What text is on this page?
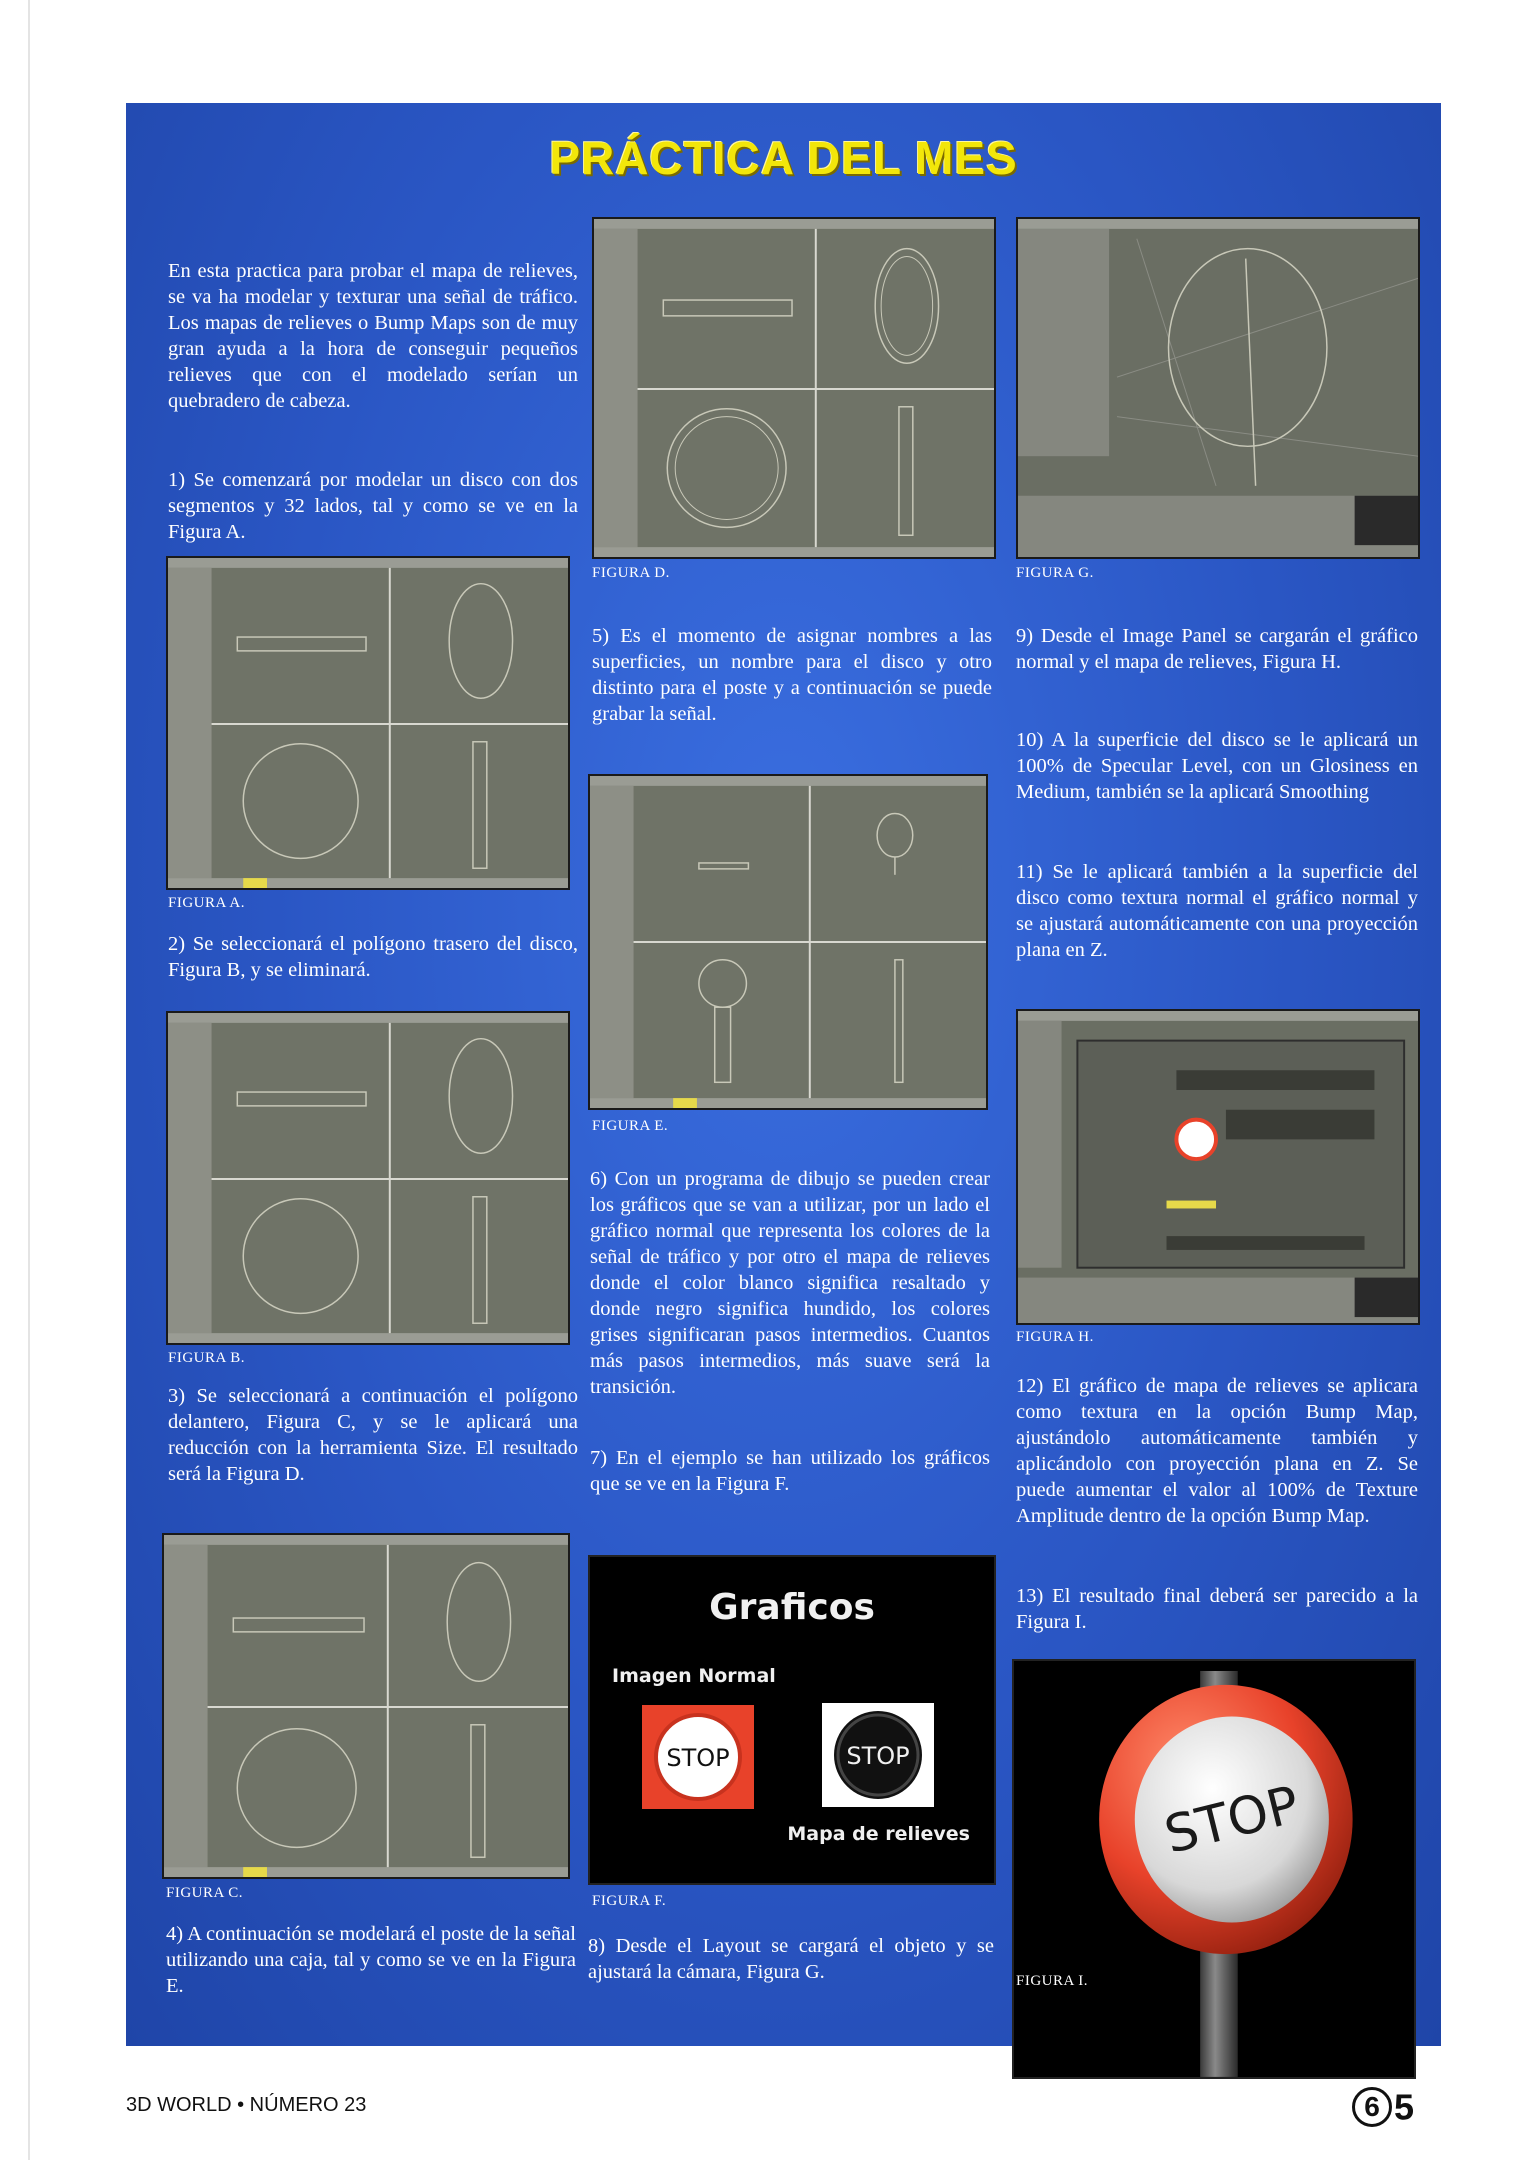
PRÁCTICA DEL MES

En esta practica para probar el mapa de relieves, se va ha modelar y texturar una señal de tráfico. Los mapas de relieves o Bump Maps son de muy gran ayuda a la hora de conseguir pequeños relieves que con el modelado serían un quebradero de cabeza.

1) Se comenzará por modelar un disco con dos segmentos y 32 lados, tal y como se ve en la Figura A.

FIGURA A.

2) Se seleccionará el polígono trasero del disco, Figura B, y se eliminará.

FIGURA B.

3) Se seleccionará a continuación el polígono delantero, Figura C, y se le aplicará una reducción con la herramienta Size. El resultado será la Figura D.

FIGURA C.

4) A continuación se modelará el poste de la señal utilizando una caja, tal y como se ve en la Figura E.

FIGURA D.

5) Es el momento de asignar nombres a las superficies, un nombre para el disco y otro distinto para el poste y a continuación se puede grabar la señal.

FIGURA E.

6) Con un programa de dibujo se pueden crear los gráficos que se van a utilizar, por un lado el gráfico normal que representa los colores de la señal de tráfico y por otro el mapa de relieves donde el color blanco significa resaltado y donde negro significa hundido, los colores grises significaran pasos intermedios. Cuantos más pasos intermedios, más suave será la transición.

7) En el ejemplo se han utilizado los gráficos que se ve en la Figura F.

Graficos
Imagen Normal
STOP	STOP
Mapa de relieves

FIGURA F.

8) Desde el Layout se cargará el objeto y se ajustará la cámara, Figura G.

FIGURA G.

9) Desde el Image Panel se cargarán el gráfico normal y el mapa de relieves, Figura H.

10) A la superficie del disco se le aplicará un 100% de Specular Level, con un Glosiness en Medium, también se la aplicará Smoothing

11) Se le aplicará también a la superficie del disco como textura normal el gráfico normal y se ajustará automáticamente con una proyección plana en Z.

FIGURA H.

12) El gráfico de mapa de relieves se aplicara como textura en la opción Bump Map, ajustándolo automáticamente también y aplicándolo con proyección plana en Z. Se puede aumentar el valor al 100% de Texture Amplitude dentro de la opción Bump Map.

13) El resultado final deberá ser parecido a la Figura I.

STOP

FIGURA I.

3D WORLD • NÚMERO 23	6 5
